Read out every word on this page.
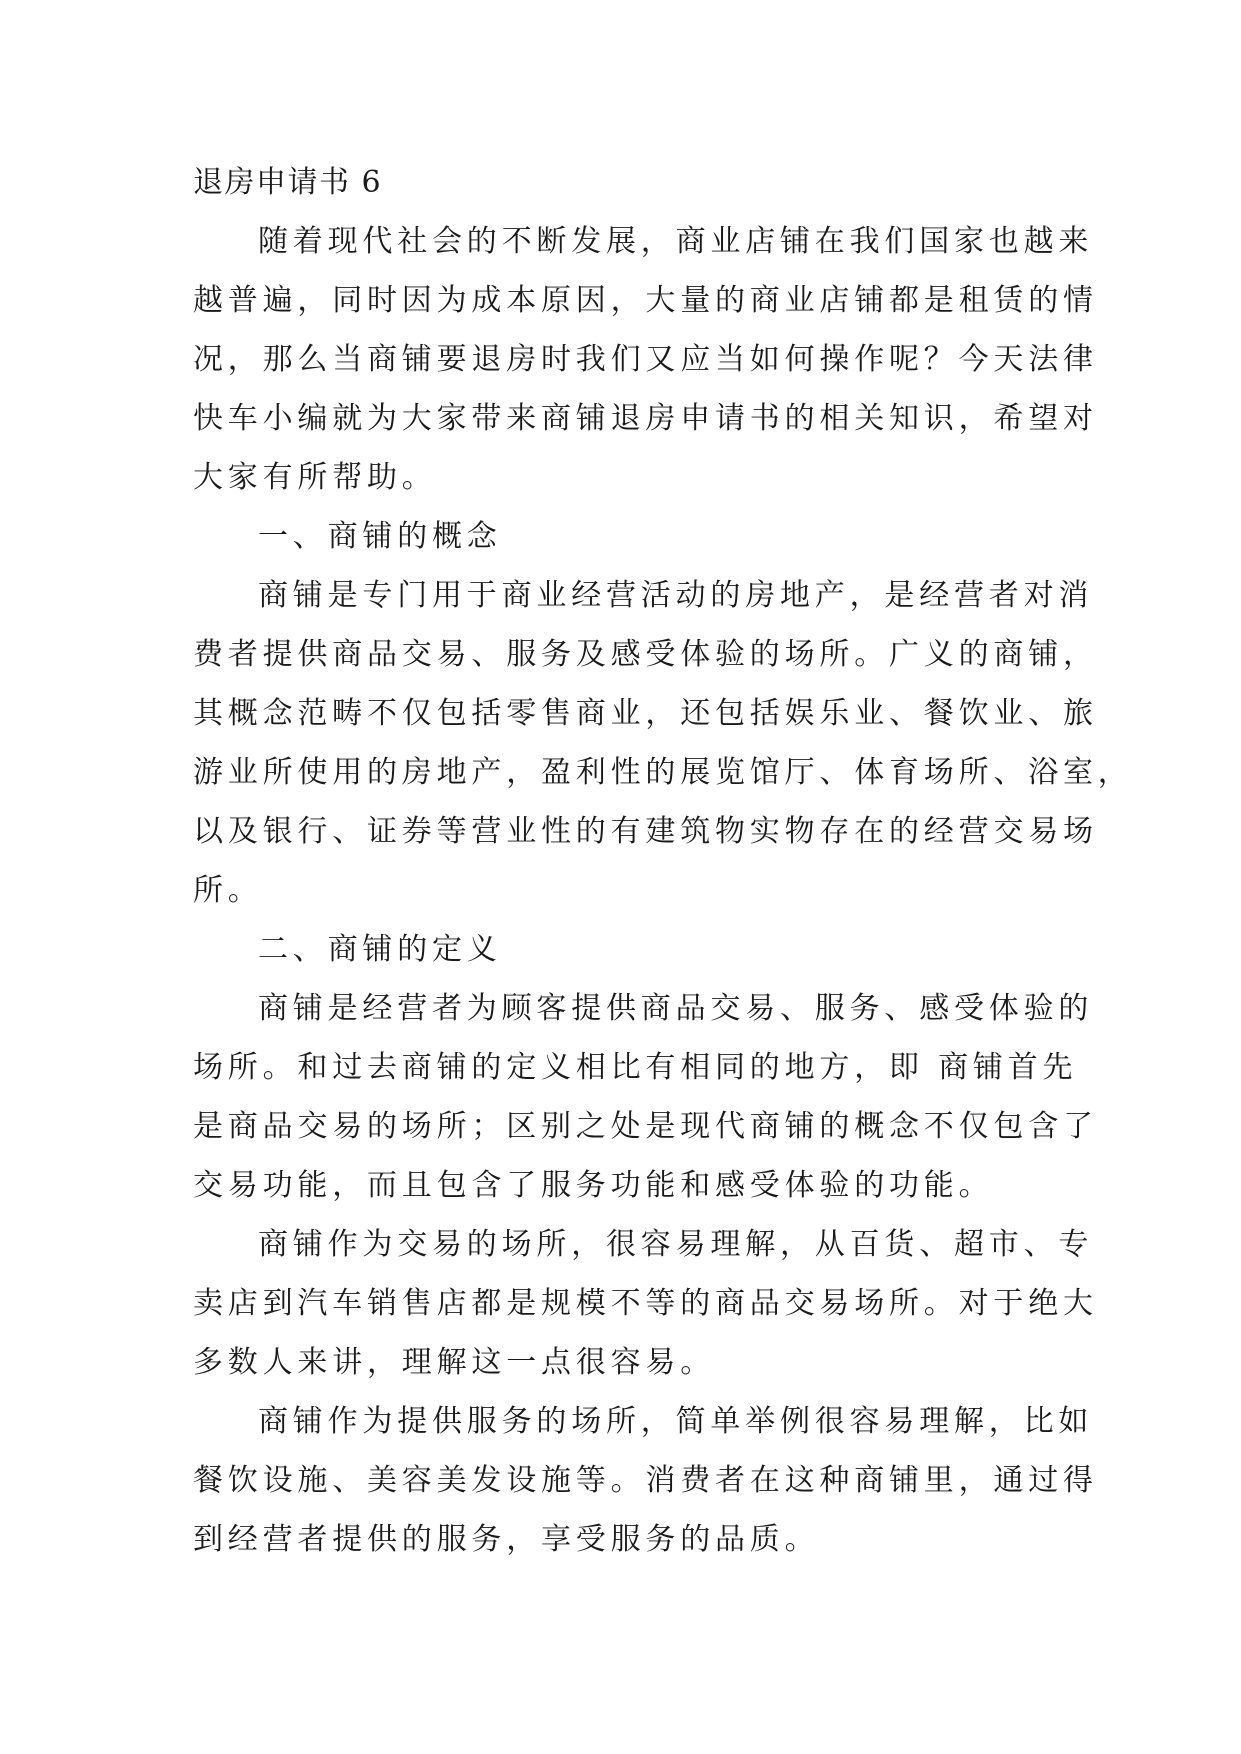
退房申请书 6

随着现代社会的不断发展，商业店铺在我们国家也越来

越普遍，同时因为成本原因，大量的商业店铺都是租赁的情

况，那么当商铺要退房时我们又应当如何操作呢？今天法律

快车小编就为大家带来商铺退房申请书的相关知识，希望对

大家有所帮助。

一、商铺的概念

商铺是专门用于商业经营活动的房地产，是经营者对消

费者提供商品交易、服务及感受体验的场所。广义的商铺，

其概念范畴不仅包括零售商业，还包括娱乐业、餐饮业、旅

游业所使用的房地产，盈利性的展览馆厅、体育场所、浴室，

以及银行、证券等营业性的有建筑物实物存在的经营交易场

所。

二、商铺的定义

商铺是经营者为顾客提供商品交易、服务、感受体验的

场所。和过去商铺的定义相比有相同的地方，即 商铺首先

是商品交易的场所；区别之处是现代商铺的概念不仅包含了

交易功能，而且包含了服务功能和感受体验的功能。

商铺作为交易的场所，很容易理解，从百货、超市、专

卖店到汽车销售店都是规模不等的商品交易场所。对于绝大

多数人来讲，理解这一点很容易。

商铺作为提供服务的场所，简单举例很容易理解，比如

餐饮设施、美容美发设施等。消费者在这种商铺里，通过得

到经营者提供的服务，享受服务的品质。
